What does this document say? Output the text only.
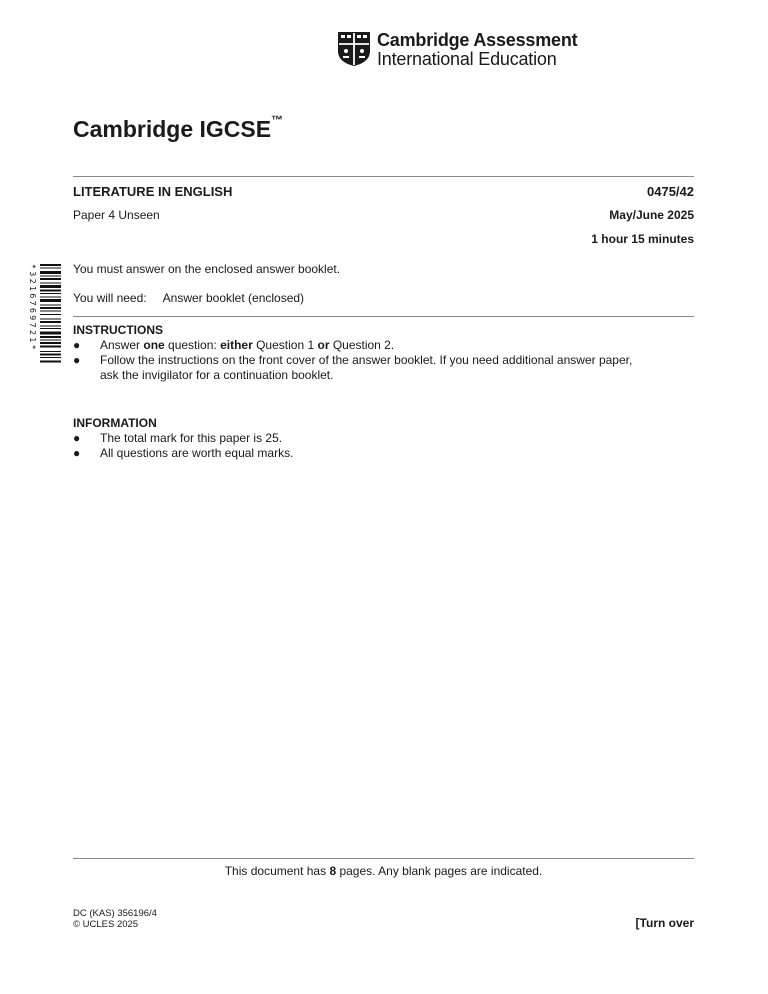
Cambridge Assessment
International Education
Cambridge IGCSE™
LITERATURE IN ENGLISH	0475/42
Paper 4 Unseen	May/June 2025
1 hour 15 minutes
*3216769721*	You must answer on the enclosed answer booklet.
You will need: Answer booklet (enclosed)
INSTRUCTIONS
● Answer one question: either Question 1 or Question 2.
● Follow the instructions on the front cover of the answer booklet. If you need additional answer paper,
ask the invigilator for a continuation booklet.
INFORMATION
● The total mark for this paper is 25.
● All questions are worth equal marks.
This document has 8 pages. Any blank pages are indicated.
DC (KAS) 356196/4
© UCLES 2025	[Turn over
